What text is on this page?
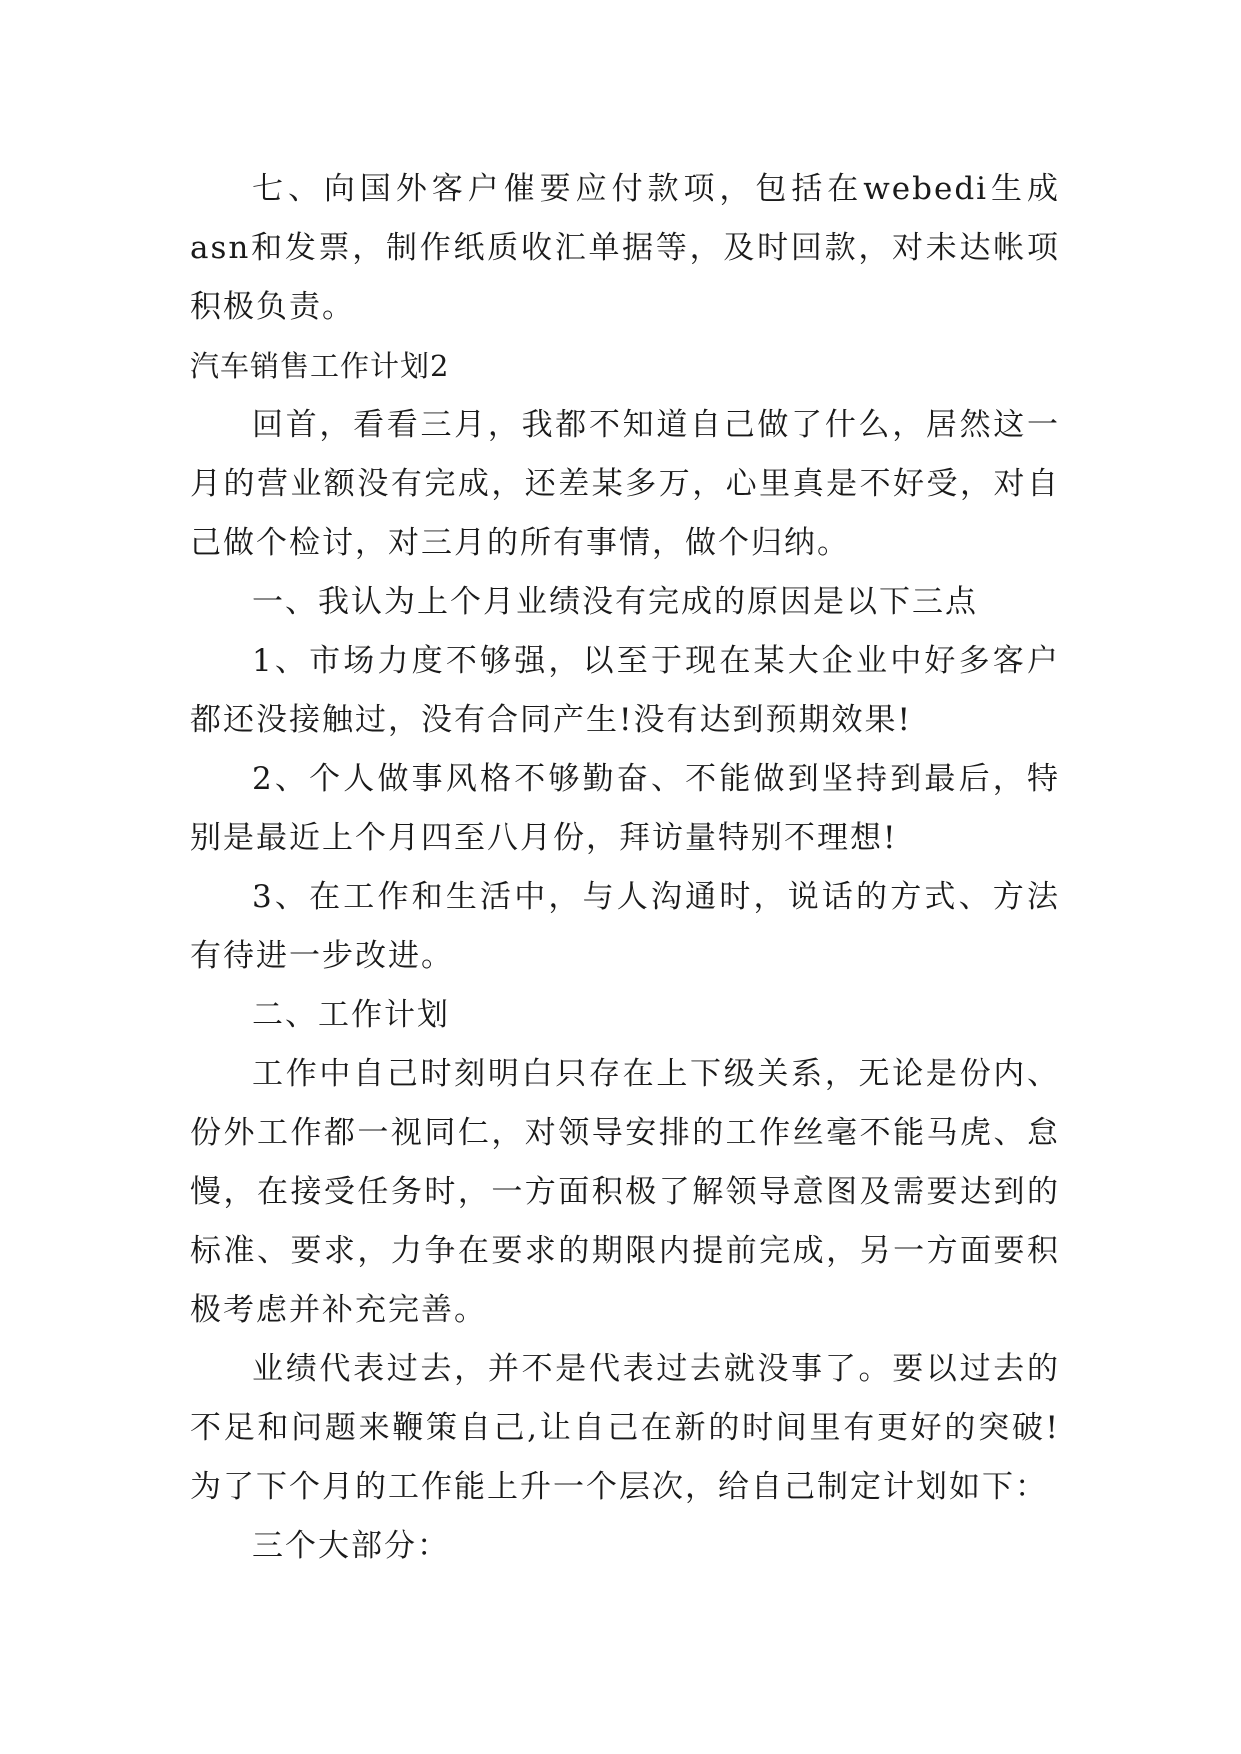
七、向国外客户催要应付款项，包括在webedi生成asn和发票，制作纸质收汇单据等，及时回款，对未达帐项积极负责。

汽车销售工作计划2

回首，看看三月，我都不知道自己做了什么，居然这一月的营业额没有完成，还差某多万，心里真是不好受，对自己做个检讨，对三月的所有事情，做个归纳。

一、我认为上个月业绩没有完成的原因是以下三点

1、市场力度不够强，以至于现在某大企业中好多客户都还没接触过，没有合同产生!没有达到预期效果!

2、个人做事风格不够勤奋、不能做到坚持到最后，特别是最近上个月四至八月份，拜访量特别不理想!

3、在工作和生活中，与人沟通时，说话的方式、方法有待进一步改进。

二、工作计划

工作中自己时刻明白只存在上下级关系，无论是份内、份外工作都一视同仁，对领导安排的工作丝毫不能马虎、怠慢，在接受任务时，一方面积极了解领导意图及需要达到的标准、要求，力争在要求的期限内提前完成，另一方面要积极考虑并补充完善。

业绩代表过去，并不是代表过去就没事了。要以过去的不足和问题来鞭策自己,让自己在新的时间里有更好的突破!为了下个月的工作能上升一个层次，给自己制定计划如下：

三个大部分：
